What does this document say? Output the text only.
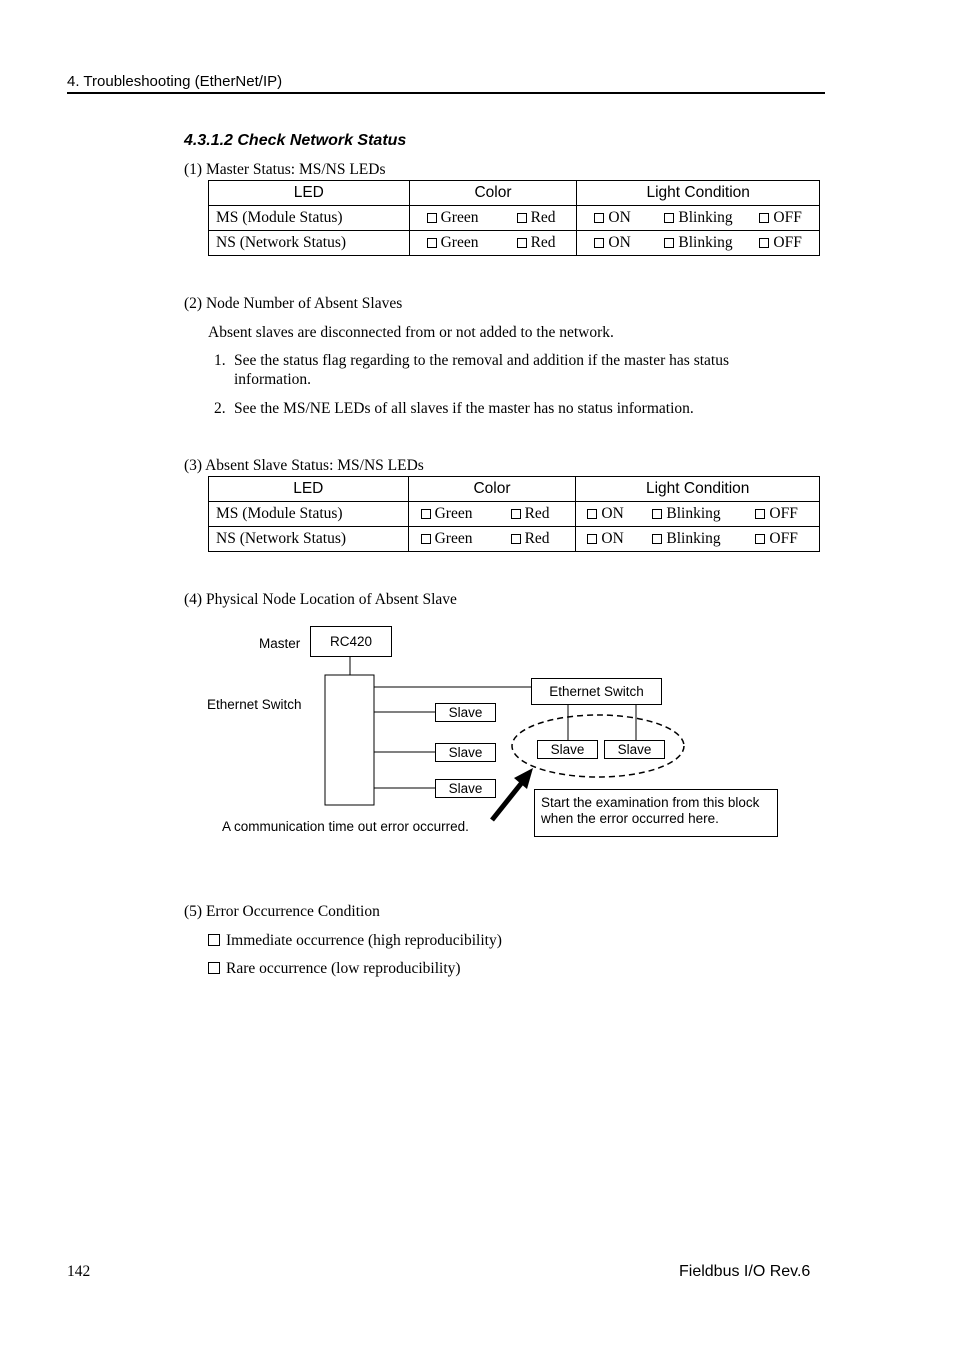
4. Troubleshooting (EtherNet/IP)
4.3.1.2 Check Network Status
(1) Master Status: MS/NS LEDs
LED	Color	Light Condition
MS (Module Status)	Green Red	ON Blinking OFF
NS (Network Status)	Green Red	ON Blinking OFF
(2) Node Number of Absent Slaves
Absent slaves are disconnected from or not added to the network.
1. See the status flag regarding to the removal and addition if the master has status
information.
2. See the MS/NE LEDs of all slaves if the master has no status information.
(3) Absent Slave Status: MS/NS LEDs
LED	Color	Light Condition
MS (Module Status)	Green Red	ON Blinking OFF
NS (Network Status)	Green Red	ON Blinking OFF
(4) Physical Node Location of Absent Slave
Master	RC420
Ethernet Switch
Ethernet Switch
Slave
Slave
Slave
Slave	Slave
Start the examination from this block
when the error occurred here.
A communication time out error occurred.
(5) Error Occurrence Condition
Immediate occurrence (high reproducibility)
Rare occurrence (low reproducibility)
142	Fieldbus I/O Rev.6
